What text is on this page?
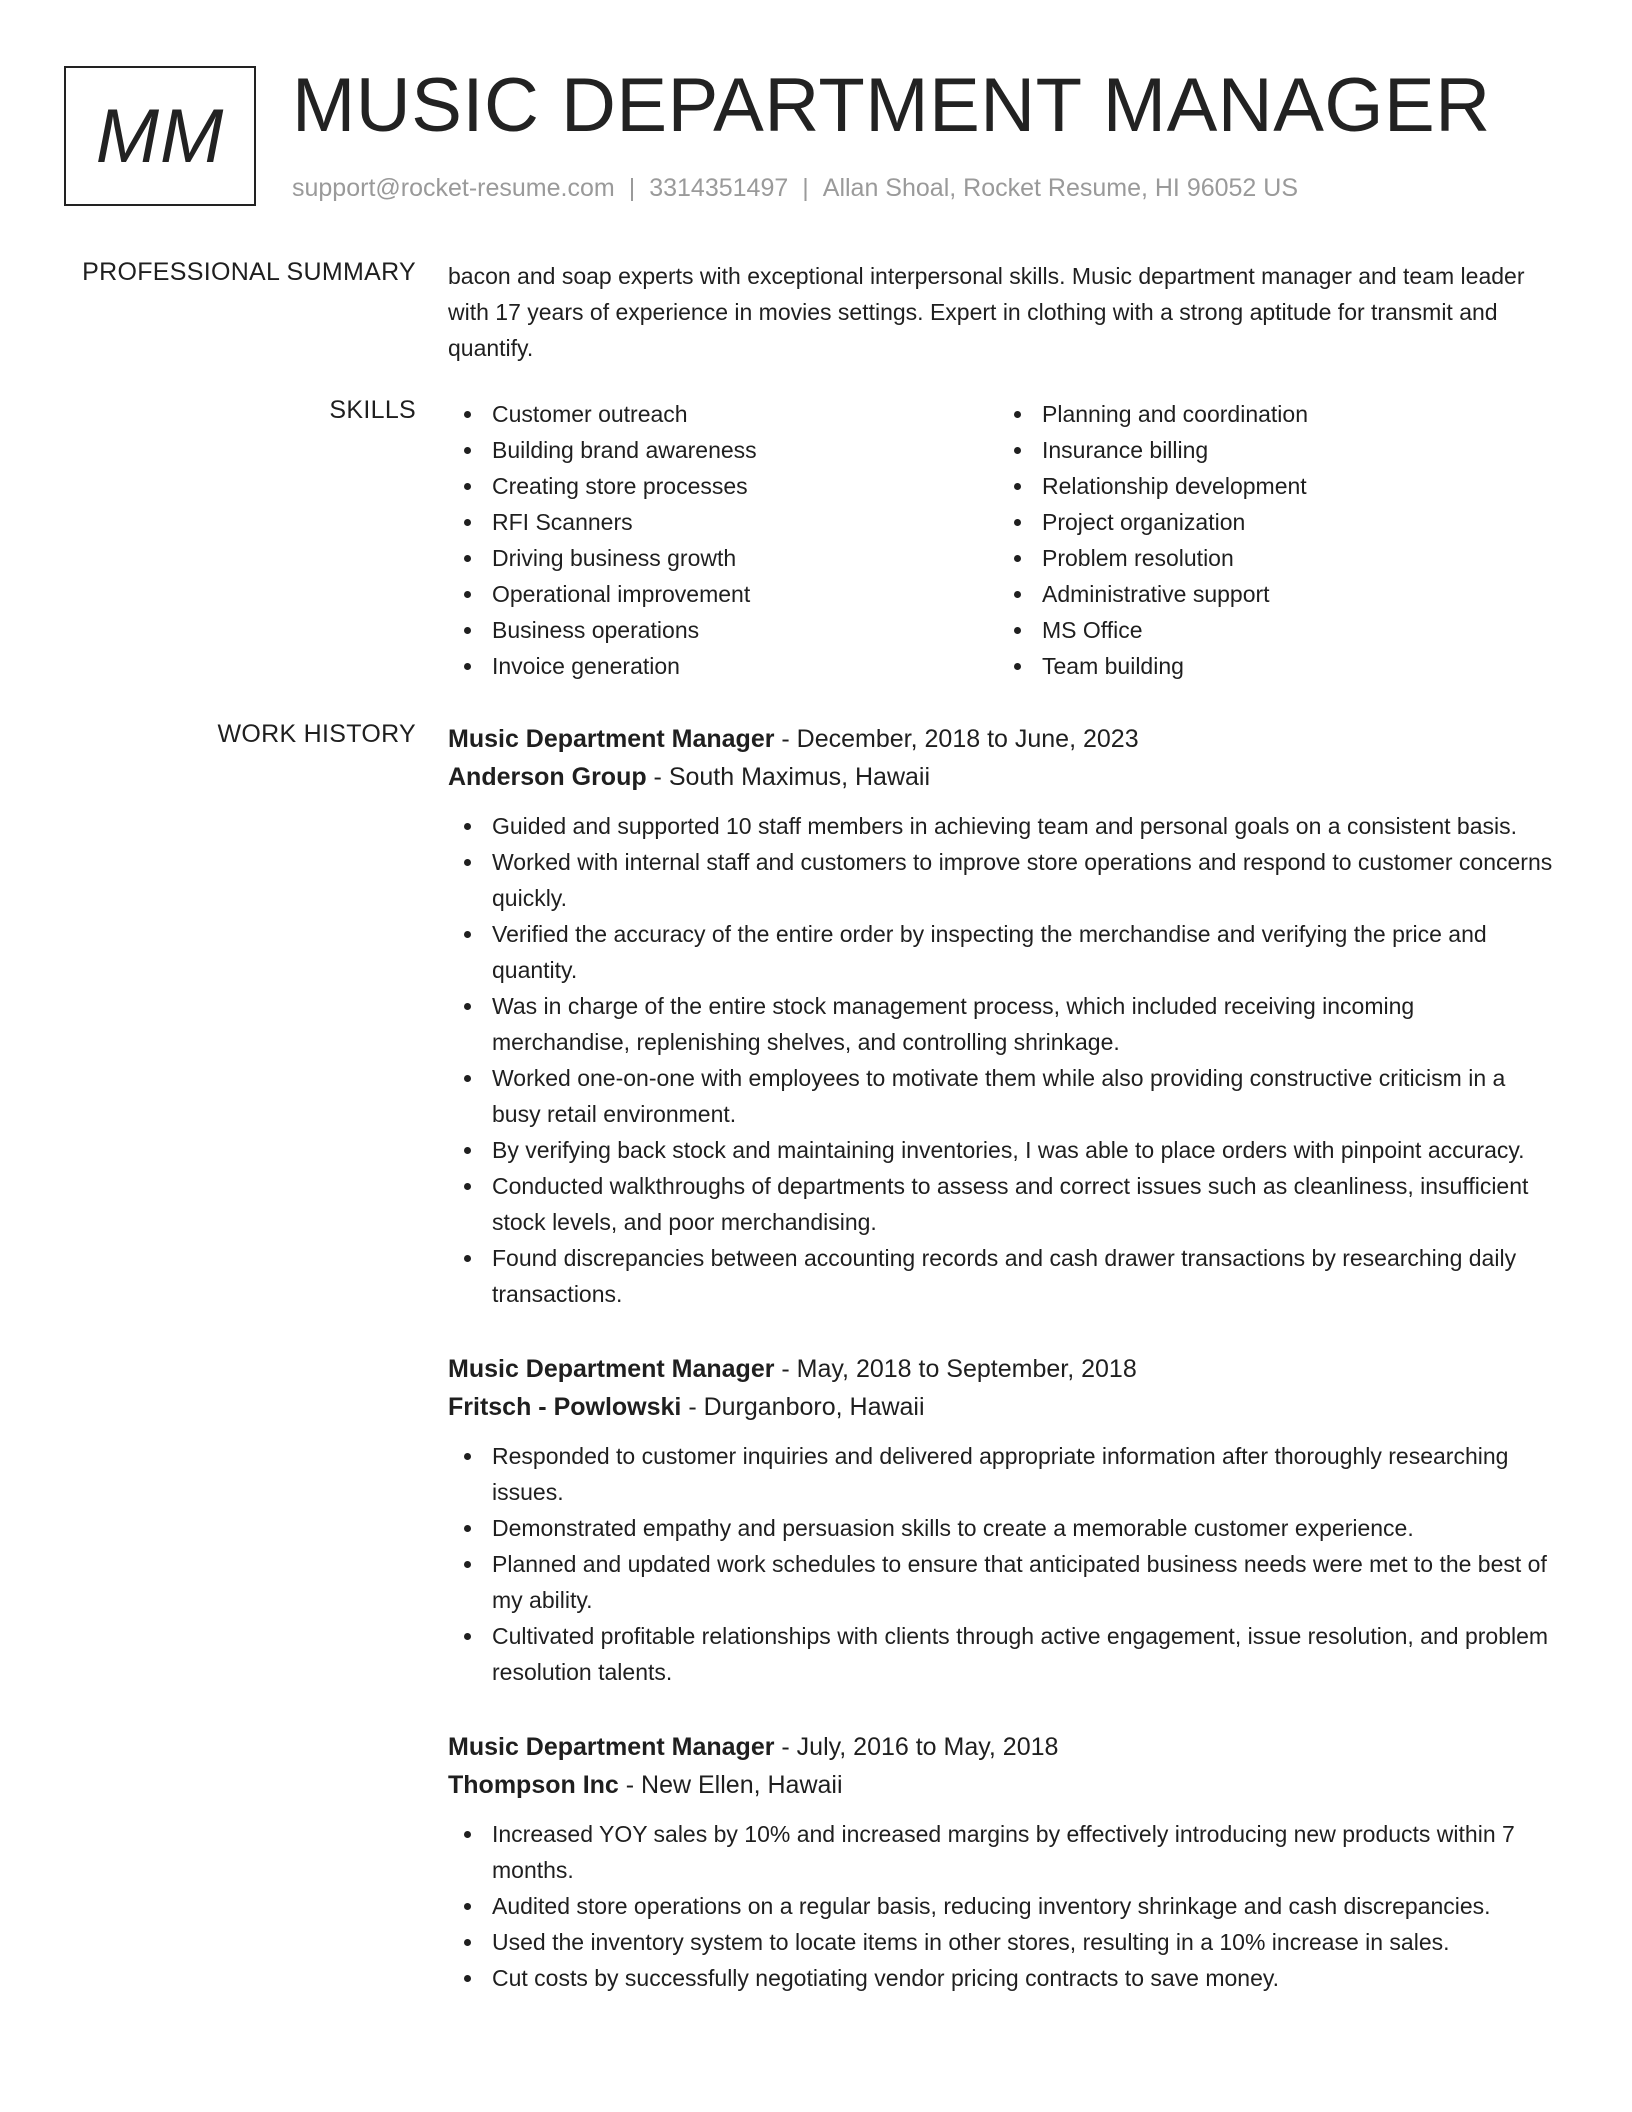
MM MUSIC DEPARTMENT MANAGER
support@rocket-resume.com | 3314351497 | Allan Shoal, Rocket Resume, HI 96052 US
PROFESSIONAL SUMMARY bacon and soap experts with exceptional interpersonal skills. Music department manager and team leader with 17 years of experience in movies settings. Expert in clothing with a strong aptitude for transmit and quantify.
SKILLS	Customer outreach
Building brand awareness
Creating store processes
RFI Scanners
Driving business growth
Operational improvement
Business operations
Invoice generation
Planning and coordination
Insurance billing
Relationship development
Project organization
Problem resolution
Administrative support
MS Office
Team building
WORK HISTORY Music Department Manager - December, 2018 to June, 2023
Anderson Group - South Maximus, Hawaii
Guided and supported 10 staff members in achieving team and personal goals on a consistent basis.
Worked with internal staff and customers to improve store operations and respond to customer concerns quickly.
Verified the accuracy of the entire order by inspecting the merchandise and verifying the price and quantity.
Was in charge of the entire stock management process, which included receiving incoming merchandise, replenishing shelves, and controlling shrinkage.
Worked one-on-one with employees to motivate them while also providing constructive criticism in a busy retail environment.
By verifying back stock and maintaining inventories, I was able to place orders with pinpoint accuracy.
Conducted walkthroughs of departments to assess and correct issues such as cleanliness, insufficient stock levels, and poor merchandising.
Found discrepancies between accounting records and cash drawer transactions by researching daily transactions.
Music Department Manager - May, 2018 to September, 2018
Fritsch - Powlowski - Durganboro, Hawaii
Responded to customer inquiries and delivered appropriate information after thoroughly researching issues.
Demonstrated empathy and persuasion skills to create a memorable customer experience.
Planned and updated work schedules to ensure that anticipated business needs were met to the best of my ability.
Cultivated profitable relationships with clients through active engagement, issue resolution, and problem resolution talents.
Music Department Manager - July, 2016 to May, 2018
Thompson Inc - New Ellen, Hawaii
Increased YOY sales by 10% and increased margins by effectively introducing new products within 7 months.
Audited store operations on a regular basis, reducing inventory shrinkage and cash discrepancies.
Used the inventory system to locate items in other stores, resulting in a 10% increase in sales.
Cut costs by successfully negotiating vendor pricing contracts to save money.
